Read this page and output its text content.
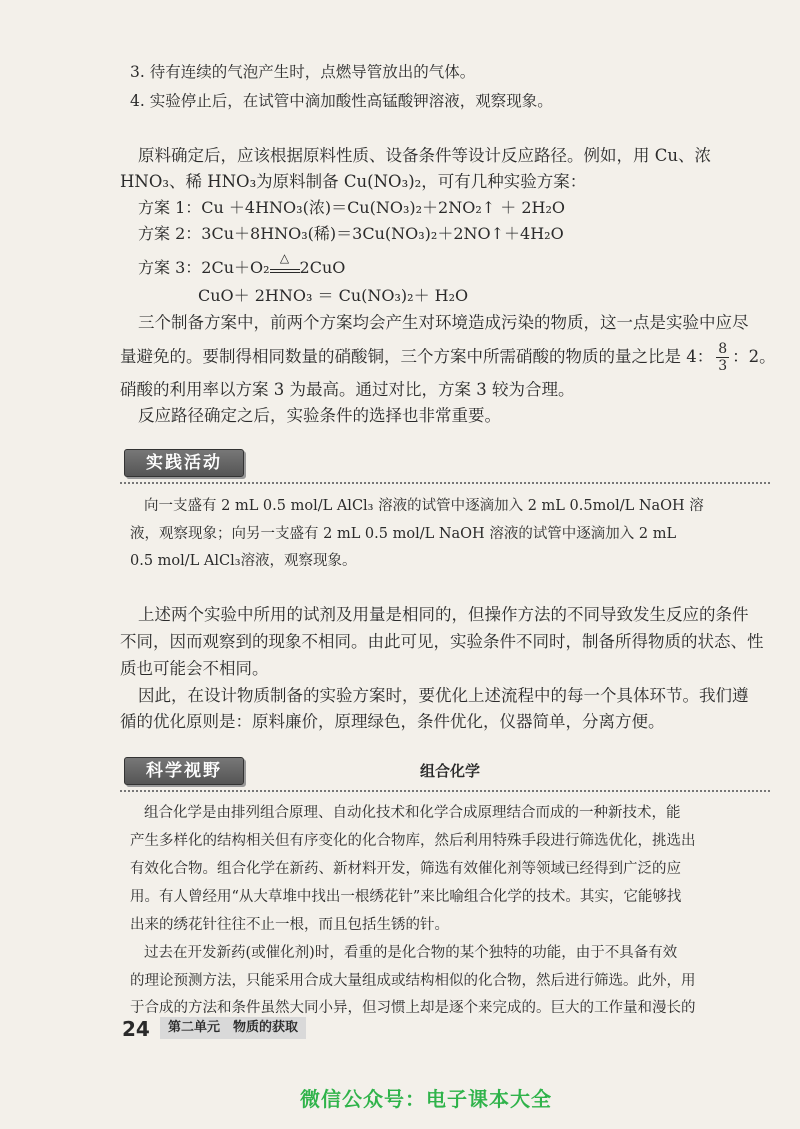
3. 待有连续的气泡产生时，点燃导管放出的气体。
4. 实验停止后，在试管中滴加酸性高锰酸钾溶液，观察现象。
原料确定后，应该根据原料性质、设备条件等设计反应路径。例如，用 Cu、浓
HNO₃、稀 HNO₃为原料制备 Cu(NO₃)₂，可有几种实验方案：
方案 1：Cu ＋4HNO₃(浓)＝Cu(NO₃)₂＋2NO₂↑ ＋ 2H₂O
方案 2：3Cu＋8HNO₃(稀)＝3Cu(NO₃)₂＋2NO↑＋4H₂O
方案 3：2Cu＋O₂ △ 2CuO
CuO＋ 2HNO₃ ＝ Cu(NO₃)₂＋ H₂O
三个制备方案中，前两个方案均会产生对环境造成污染的物质，这一点是实验中应尽
量避免的。要制得相同数量的硝酸铜，三个方案中所需硝酸的物质的量之比是 4： $\frac{8}{3}$ ：2。
硝酸的利用率以方案 3 为最高。通过对比，方案 3 较为合理。
反应路径确定之后，实验条件的选择也非常重要。
实践活动
向一支盛有 2 mL 0.5 mol/L AlCl₃ 溶液的试管中逐滴加入 2 mL 0.5mol/L NaOH 溶
液，观察现象；向另一支盛有 2 mL 0.5 mol/L NaOH 溶液的试管中逐滴加入 2 mL
0.5 mol/L AlCl₃溶液，观察现象。
上述两个实验中所用的试剂及用量是相同的，但操作方法的不同导致发生反应的条件
不同，因而观察到的现象不相同。由此可见，实验条件不同时，制备所得物质的状态、性
质也可能会不相同。
因此，在设计物质制备的实验方案时，要优化上述流程中的每一个具体环节。我们遵
循的优化原则是：原料廉价，原理绿色，条件优化，仪器简单，分离方便。
科学视野	组合化学
组合化学是由排列组合原理、自动化技术和化学合成原理结合而成的一种新技术，能
产生多样化的结构相关但有序变化的化合物库，然后利用特殊手段进行筛选优化，挑选出
有效化合物。组合化学在新药、新材料开发，筛选有效催化剂等领域已经得到广泛的应
用。有人曾经用“从大草堆中找出一根绣花针”来比喻组合化学的技术。其实，它能够找
出来的绣花针往往不止一根，而且包括生锈的针。
过去在开发新药(或催化剂)时，看重的是化合物的某个独特的功能，由于不具备有效
的理论预测方法，只能采用合成大量组成或结构相似的化合物，然后进行筛选。此外，用
于合成的方法和条件虽然大同小异，但习惯上却是逐个来完成的。巨大的工作量和漫长的
24	第二单元　物质的获取
微信公众号：电子课本大全
